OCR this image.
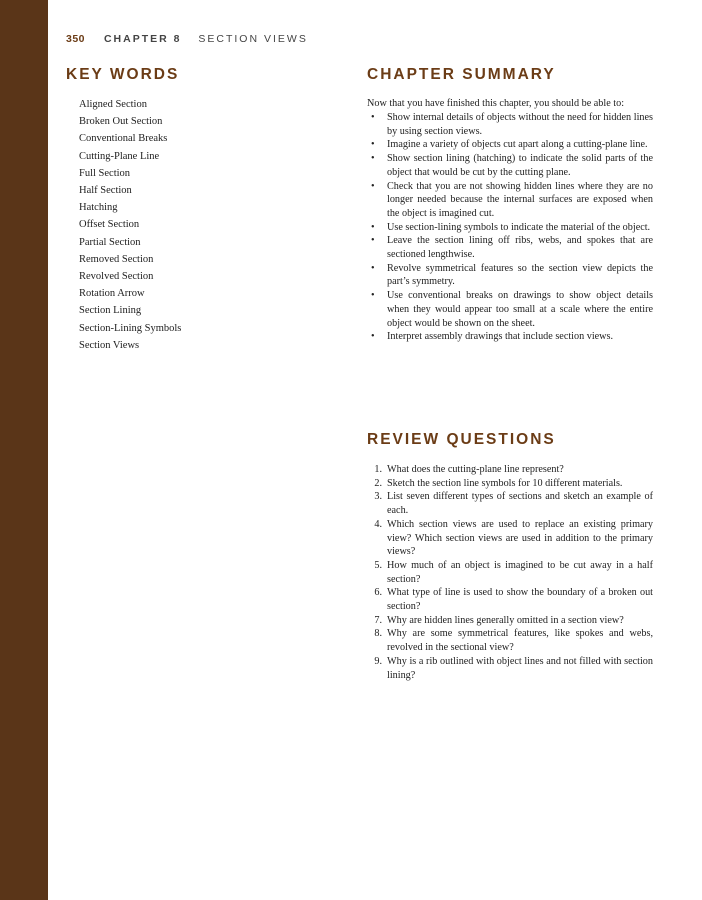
350 CHAPTER 8 SECTION VIEWS
KEY WORDS
Aligned Section
Broken Out Section
Conventional Breaks
Cutting-Plane Line
Full Section
Half Section
Hatching
Offset Section
Partial Section
Removed Section
Revolved Section
Rotation Arrow
Section Lining
Section-Lining Symbols
Section Views
CHAPTER SUMMARY

Now that you have finished this chapter, you should be able to:

• Show internal details of objects without the need for hidden lines by using section views.
• Imagine a variety of objects cut apart along a cutting-plane line.
• Show section lining (hatching) to indicate the solid parts of the object that would be cut by the cutting plane.
• Check that you are not showing hidden lines where they are no longer needed because the internal surfaces are exposed when the object is imagined cut.
• Use section-lining symbols to indicate the material of the object.
• Leave the section lining off ribs, webs, and spokes that are sectioned lengthwise.
• Revolve symmetrical features so the section view depicts the part’s symmetry.
• Use conventional breaks on drawings to show object details when they would appear too small at a scale where the entire object would be shown on the sheet.
• Interpret assembly drawings that include section views.
REVIEW QUESTIONS
1. What does the cutting-plane line represent?
2. Sketch the section line symbols for 10 different materials.
3. List seven different types of sections and sketch an example of each.
4. Which section views are used to replace an existing primary view? Which section views are used in addition to the primary views?
5. How much of an object is imagined to be cut away in a half section?
6. What type of line is used to show the boundary of a broken out section?
7. Why are hidden lines generally omitted in a section view?
8. Why are some symmetrical features, like spokes and webs, revolved in the sectional view?
9. Why is a rib outlined with object lines and not filled with section lining?
